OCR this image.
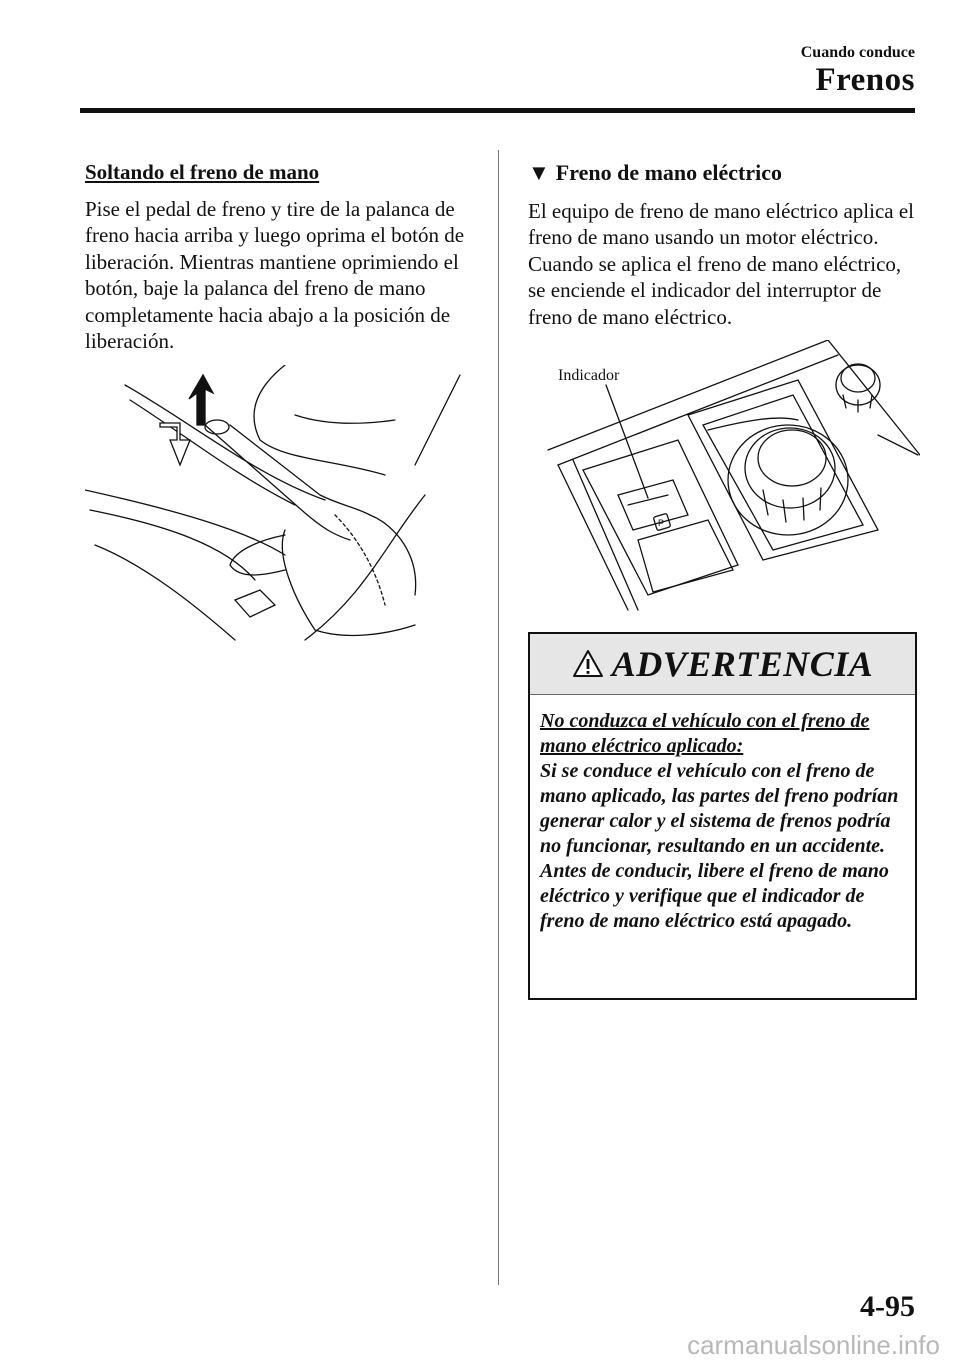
Cuando conduce
Frenos
Soltando el freno de mano
Pise el pedal de freno y tire de la palanca de freno hacia arriba y luego oprima el botón de liberación. Mientras mantiene oprimiendo el botón, baje la palanca del freno de mano completamente hacia abajo a la posición de liberación.
▼ Freno de mano eléctrico
El equipo de freno de mano eléctrico aplica el freno de mano usando un motor eléctrico. Cuando se aplica el freno de mano eléctrico, se enciende el indicador del interruptor de freno de mano eléctrico.
Indicador
P
ADVERTENCIA
No conduzca el vehículo con el freno de mano eléctrico aplicado:
Si se conduce el vehículo con el freno de mano aplicado, las partes del freno podrían generar calor y el sistema de frenos podría no funcionar, resultando en un accidente. Antes de conducir, libere el freno de mano eléctrico y verifique que el indicador de freno de mano eléctrico está apagado.
4-95
carmanualsonline.info
